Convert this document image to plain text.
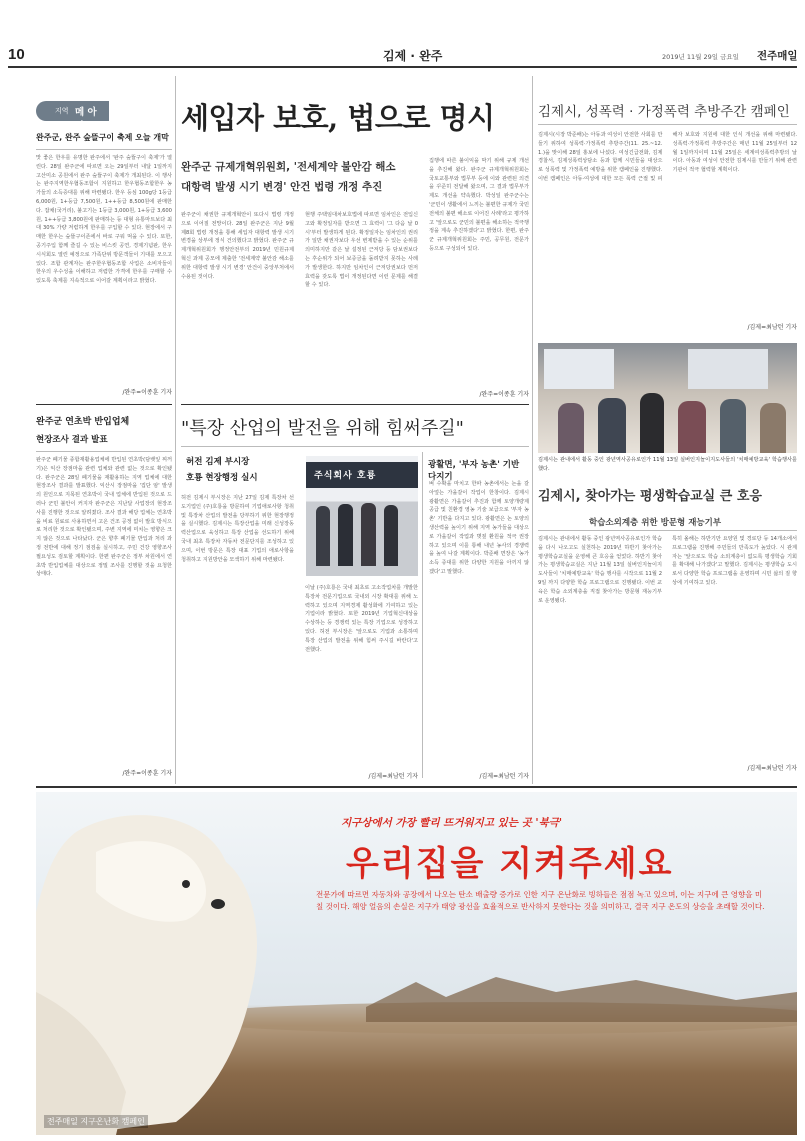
10	김제 · 완주	2019년 11월 29일 금요일 전주매일
지역 메 아 리
완주군, 완주 숲뜰구이 축제 오늘 개막
맛 좋은 한우를 유명한 완주에서 '완주 숲뜰구이 축제'가 열린다. 28일 완주군에 따르면 오는 29일부터 내달 1일까지 고산미소 공원에서 완주 숲뜰구이 축제가 개최된다. 이 행사는 완주지역한우협동조합이 지원하고 한우협동조합한우 농가들의 소득증대를 위해 마련됐다. 한우 등심 100g당 1등급 6,000원, 1+등급 7,500원, 1++등급 8,500원에 판매한다. 잡채(국거리), 불고기는 1등급 3,000원, 1+등급 3,600원, 1++등급 3,800원에 판매하는 등 대형 유통마트보다 최대 30% 가량 저렴하게 한우를 구입할 수 있다. 현장에서 구매한 한우는 숲뜰구이존에서 바로 구워 먹을 수 있다. 또한, 공기주입 함께 즐길 수 있는 비스킷 공연, 경제기념판, 한우 시식회도 열린 예정으로 가족단위 방문객들이 기대를 모으고 있다. 조합 관계자는 완주한우협동조합 사업은 소비자들이 한우의 우수성을 이해하고 저렴한 가격에 한우를 구매할 수 있도록 축제를 지속적으로 이어갈 계획이라고 밝혔다.
/완주=이종훈 기자
완주군 연초박 반입업체
현장조사 결과 발표
완주군 폐기물 종합재활용업체에 반입된 연초박(담뱃잎 찌꺼기)은 익산 장점마을 관련 업체와 관련 없는 것으로 확인됐다. 완주군은 28일 폐기물을 재활용하는 지역 업체에 대한 현장조사 결과를 발표했다. 익산시 장점마을 '집단 암' 발생의 원인으로 지목된 연초박이 국내 업체에 반입된 것으로 드러나 군민 불안이 커지자 완주군은 지난달 사업장의 현장조사를 진행한 것으로 알려졌다. 조사 결과 해당 업체는 연초박을 비료 원료로 사용하면서 고온 건조 공정 없이 발효 방식으로 처리한 것으로 확인됐으며, 주변 지역에 미치는 영향은 크지 않은 것으로 나타났다. 군은 향후 폐기물 반입과 처리 과정 전반에 대해 정기 점검을 실시하고, 주민 건강 영향조사 필요성도 검토할 계획이다. 한편 완주군은 정부 차원에서 연초박 반입업체를 대상으로 정밀 조사를 진행할 것을 요청한 상태다.
/완주=이종훈 기자
세입자 보호, 법으로 명시
완주군 규제개혁위원회, '전세계약 불안감 해소
대항력 발생 시기 변경' 안건 법령 개정 추진
완주군이 채권한 규제개혁안이 또다시 법령 개정으로 이어질 전망이다. 28일 완주군은 지난 9월 제8회 법령 개정을 통해 세입자 대항력 발생 시기 변경을 상부에 정식 건의했다고 밝혔다. 완주군 규제개혁위원회가 행정안전부의 2019년 민원규제 혁신 과제 공모에 제출한 '전세계약 불안감 해소를 위한 대항력 발생 시기 변경' 안건이 중앙부처에서 수용된 것이다.
현행 주택임대차보호법에 따르면 임차인은 전입신고와 확정일자를 받으면 그 효력이 '그 다음 날 0시'부터 발생하게 된다. 확정일자는 임차인의 권리가 일반 채권자보다 우선 변제받을 수 있는 순위를 의미하지만 같은 날 설정된 근저당 등 담보권보다는 후순위가 되어 보증금을 돌려받지 못하는 사례가 발생한다. 하지만 임차인이 근저당권보다 먼저 효력을 갖도록 법이 개정된다면 이런 문제를 해결할 수 있다.
집행에 따른 불이익을 막기 위해 규제 개선을 추진해 왔다. 완주군 규제개혁위원회는 국토교통부와 법무부 등에 이와 관련된 의견을 꾸준히 전달해 왔으며, 그 결과 법무부가 제도 개선을 약속했다. 박성일 완주군수는 '군민이 생활에서 느끼는 불편한 규제가 국민 전체의 불편 해소로 이어진 사례'라고 평가하고 '앞으로도 군민의 불편을 해소하는 적극행정을 계속 추진하겠다'고 밝혔다. 한편, 완주군 규제개혁위원회는 주민, 공무원, 전문가 등으로 구성되어 있다.
/완주=이종훈 기자
"특장 산업의 발전을 위해 힘써주길"
허전 김제 부시장
호룡 현장행정 실시
허전 김제시 부시장은 지난 27일 김제 특장차 선도기업인 (주)호룡을 방문하여 기업애로사항 청취 및 특장차 산업의 발전을 당부하기 위한 현장행정을 실시했다. 김제시는 특장산업을 미래 신성장동력산업으로 육성하고 특장 산업을 선도하기 위해 국내 최초 특장차 자동차 전문단지를 조성하고 있으며, 이번 방문은 특장 대표 기업의 애로사항을 청취하고 지원방안을 모색하기 위해 마련됐다.
주식회사 호룡
이날 (주)호룡은 국내 최초로 고소작업차를 개발한 특장차 전문기업으로 국내외 시장 확대를 위해 노력하고 있으며 지역경제 활성화에 기여하고 있는 기업이라 밝혔다. 또한 2019년 기업혁신대상을 수상하는 등 경쟁력 있는 특장 기업으로 성장하고 있다. 허전 부시장은 '앞으로도 기업과 소통하며 특장 산업의 발전을 위해 힘써 주시길 바란다'고 전했다.
/김제=최남턴 기자
광활면, '부자 농촌' 기반 다지기
벼 수확을 마치고 한파 농촌에서는 논을 갈아엎는 가을갈이 작업이 한창이다. 김제시 광활면은 가을갈이 추진과 함께 토양개량제 공급 및 친환경 영농 기술 보급으로 '부자 농촌' 기반을 다지고 있다. 광활면은 논 토양의 생산력을 높이기 위해 지역 농가들을 대상으로 가을갈이 작업과 볏짚 환원을 적극 권장하고 있으며 이를 통해 내년 농사의 경쟁력을 높여 나갈 계획이다. 박준배 면장은 '농가 소득 증대를 위한 다양한 지원을 아끼지 않겠다'고 말했다.
/김제=최남턴 기자
김제시, 성폭력 · 가정폭력 추방주간 캠페인
김제시(시장 박준배)는 아동과 여성이 안전한 사회를 만들기 위하여 성폭력·가정폭력 추방주간(11. 25.~12. 1.)을 맞이해 28일 홍보에 나섰다. 여성긴급전화, 김제경찰서, 김제성폭력상담소 등과 함께 시민들을 대상으로 성폭력 및 가정폭력 예방을 위한 캠페인을 진행했다. 이번 캠페인은 아동·여성에 대한 모든 폭력 근절 및 피해자 보호와 지원에 대한 인식 개선을 위해 마련됐다. 성폭력·가정폭력 추방주간은 매년 11월 25일부터 12월 1일까지이며 11월 25일은 세계여성폭력추방의 날이다. 아동과 여성이 안전한 김제시를 만들기 위해 관련 기관이 적극 협력할 계획이다.
/김제=최남턴 기자
김제시는 관내에서 활동 중인 광년역사공유로인가 11월 13일 실버인지놀이지도사들의 '치매예방교육' 학습행사를 했다.
김제시, 찾아가는 평생학습교실 큰 호응
학습소외계층 위한 방문형 재능기부
김제시는 관내에서 활동 중인 광년역사공유로인가 학습을 다시 나오고도 실천하는 2019년 하반기 찾아가는 평생학습교실을 운영해 큰 호응을 얻었다. 하반기 찾아가는 평생학습교실은 지난 11월 13일 실버인지놀이지도사들이 '치매예방교육' 학습 행사를 시작으로 11월 29일 까지 다양한 학습 프로그램으로 진행됐다. 이번 교육은 학습 소외계층을 직접 찾아가는 방문형 재능기부로 운영됐다.
특히 올해는 하반기만 요양원 및 경로당 등 14개소에서 프로그램을 진행해 주민들의 만족도가 높았다. 시 관계자는 '앞으로도 학습 소외계층이 없도록 평생학습 기회를 확대해 나가겠다'고 말했다. 김제시는 평생학습 도시로서 다양한 학습 프로그램을 운영하며 시민 삶의 질 향상에 기여하고 있다.
/김제=최남턴 기자
지구상에서 가장 빨리 뜨거워지고 있는 곳 '북극'
우리집을 지켜주세요
전문가에 따르면 자동차와 공장에서 나오는 탄소 배출량 증가로 인한 지구 온난화로 빙하들은 점점 녹고 있으며, 이는 지구에 큰 영향을 미칠 것이다. 해양 얼음의 손실은 지구가 태양 광선을 효율적으로 반사하지 못한다는 것을 의미하고, 결국 지구 온도의 상승을 초래할 것이다.
전주매일 지구온난화 캠페인
